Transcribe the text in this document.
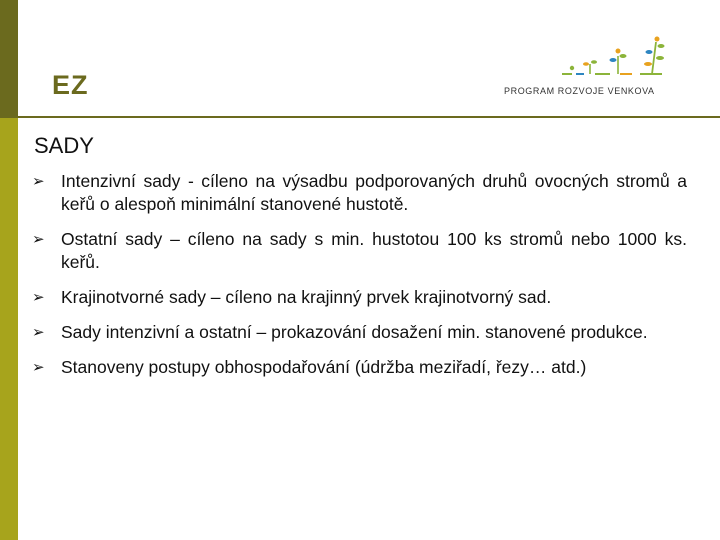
EZ	PROGRAM ROZVOJE VENKOVA
SADY
➢ Intenzivní sady - cíleno na výsadbu podporovaných druhů ovocných stromů a keřů o alespoň minimální stanovené hustotě.
➢ Ostatní sady – cíleno na sady s min. hustotou 100 ks stromů nebo 1000 ks. keřů.
➢ Krajinotvorné sady – cíleno na krajinný prvek krajinotvorný sad.
➢ Sady intenzivní a ostatní – prokazování dosažení min. stanovené produkce.
➢ Stanoveny postupy obhospodařování (údržba meziřadí, řezy… atd.)
